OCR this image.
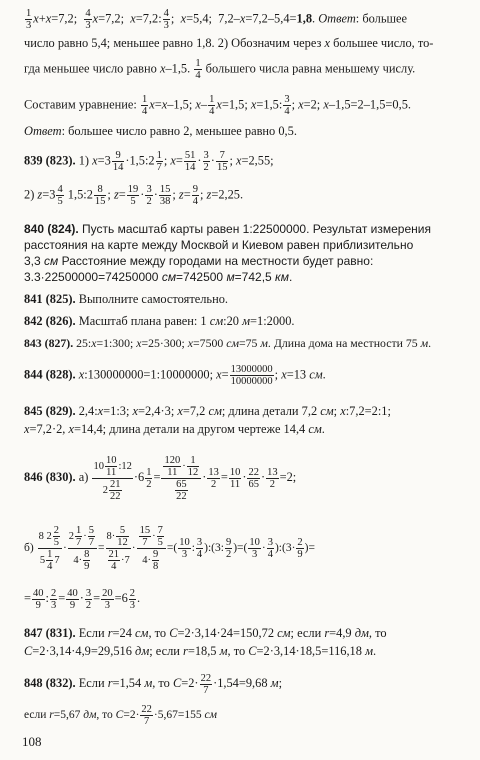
$\frac{1}{3} x+x=7,2$; $\frac{4}{3} x=7,2$;  x=7,2: $\frac{4}{3}$ ;  x=5,4;  7,2–x=7,2–5,4=1,8. Ответ: большее
число равно 5,4; меньшее равно 1,8. 2) Обозначим через x большее число, то-
гда меньшее число равно x–1,5. $\frac{1}{4}$ большего числа равна меньшему числу.
Составим уравнение: $\frac{1}{4} x=x-1,5$; $x- \frac{1}{4} x=1,5$; x=1,5: $\frac{3}{4}$ ; x=2; x–1,5=2–1,5=0,5.
Ответ: большее число равно 2, меньшее равно 0,5.
839 (823). 1) $x=3 \frac{9}{14}$ ·1,5:2 $\frac{1}{7}$ ; $x= \frac{51}{14} \cdot \frac{3}{2} \cdot \frac{7}{15}$ ; x=2,55;
2) $z=3 \frac{4}{5}$ 1,5:2 $\frac{8}{15}$ ; $z= \frac{19}{5} \cdot \frac{3}{2} \cdot \frac{15}{38}$ ; $z= \frac{9}{4}$ ; z=2,25.
840 (824). Пусть масштаб карты равен 1:22500000. Результат измерения
расстояния на карте между Москвой и Киевом равен приблизительно
3,3 см Расстояние между городами на местности будет равно:
3.3·22500000=74250000 см=742500 м=742,5 км.
841 (825). Выполните самостоятельно.
842 (826). Масштаб плана равен: 1 см:20 м=1:2000.
843 (827). 25:x=1:300; x=25·300; x=7500 см=75 м. Длина дома на местности 75 м.
844 (828). x:130000000=1:10000000; $x= \frac{13000000}{10000000}$ ; x=13 см.
845 (829). 2,4:x=1:3; x=2,4·3; x=7,2 см; длина детали 7,2 см; x:7,2=2:1;
x=7,2·2, x=14,4; длина детали на другом чертеже 14,4 см.
846 (830). $а) \frac{10 \frac{10}{11} :12}{2 \frac{21}{22}} \cdot 6 \frac{1}{2} = \frac{\frac{120}{11} \cdot \frac{1}{12}}{\frac{65}{22}} \cdot \frac{13}{2} = \frac{10}{11} \cdot \frac{22}{65} \cdot \frac{13}{2} =2$;
$б) \frac{8 2 \frac{2}{5}}{5 \frac{1}{4} 7} \cdot \frac{2 \frac{1}{7} \cdot \frac{5}{7}}{4\cdot \frac{8}{9}} = \frac{8\cdot \frac{5}{12}}{\frac{21}{4} \cdot 7} \cdot \frac{\frac{15}{7} \cdot \frac{7}{5}}{4\cdot \frac{9}{8}}$ =( $\frac{10}{3}$ : $\frac{3}{4}$ ):(3: $\frac{9}{2}$ )=( $\frac{10}{3} \cdot \frac{3}{4}$ ):(3· $\frac{2}{9}$ )=
= $\frac{40}{9}$ : $\frac{2}{3} = \frac{40}{9} \cdot \frac{3}{2} = \frac{20}{3} =6 \frac{2}{3}$ .
847 (831). Если r=24 см, то C=2·3,14·24=150,72 см; если r=4,9 дм, то
C=2·3,14·4,9=29,516 дм; если r=18,5 м, то C=2·3,14·18,5=116,18 м.
848 (832). Если r=1,54 м, то $C=2\cdot \frac{22}{7} \cdot 1,54=9,68$ м;
если r=5,67 дм, то $C=2\cdot \frac{22}{7} \cdot 5,67=155$ см
108
